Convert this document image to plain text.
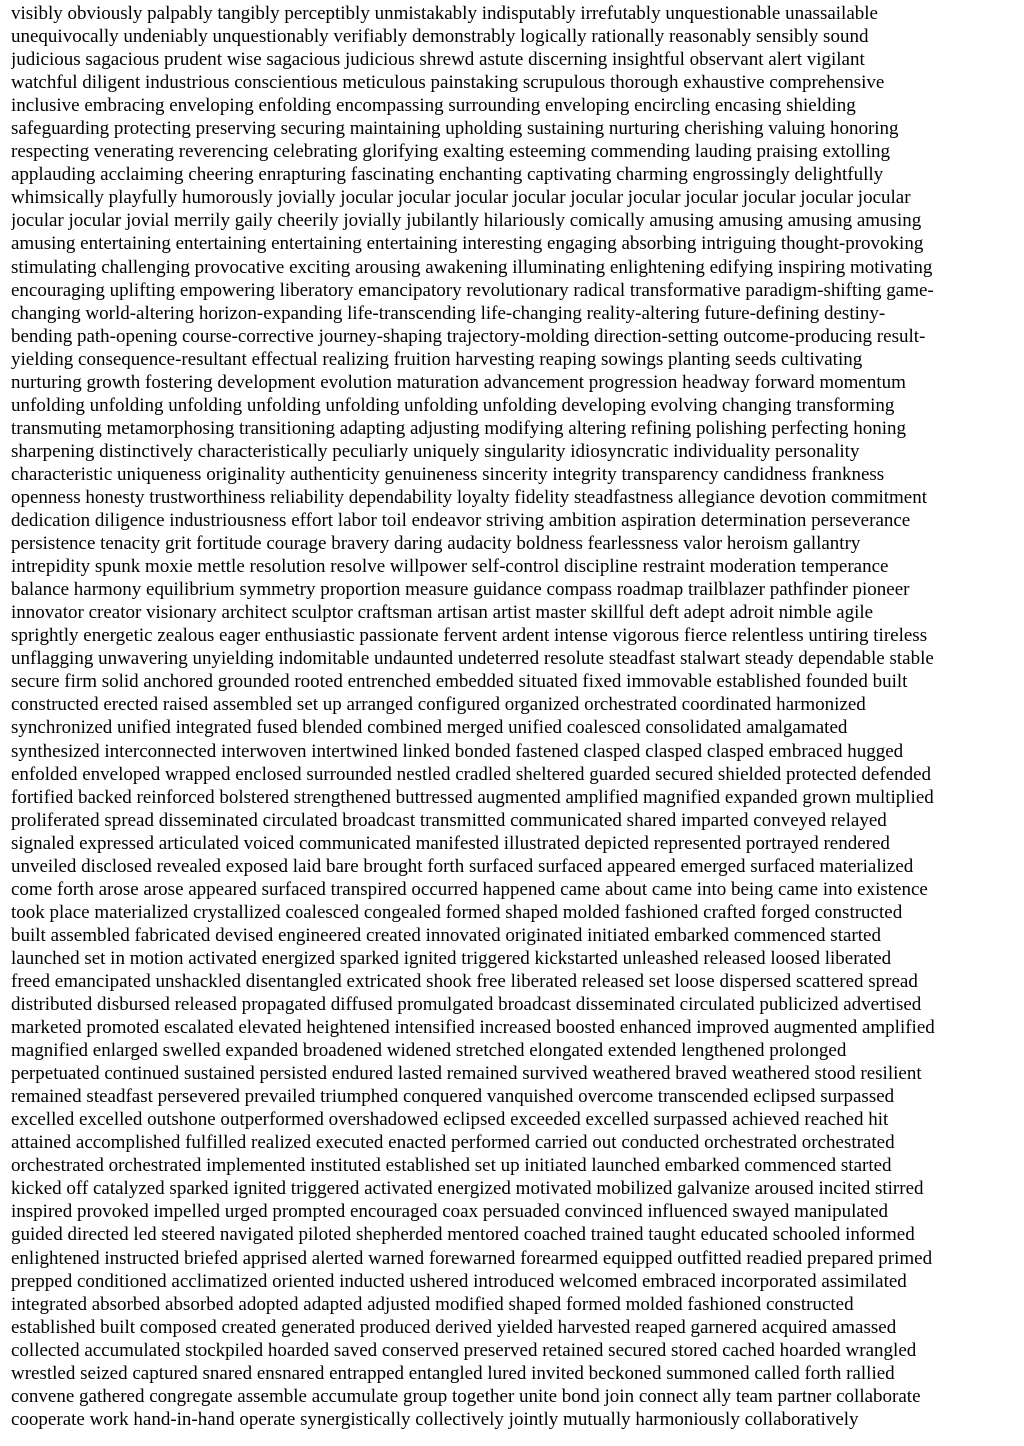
visibly obviously palpably tangibly perceptibly unmistakably indisputably irrefutably unquestionable unassailable
unequivocally undeniably unquestionably verifiably demonstrably logically rationally reasonably sensibly sound
judicious sagacious prudent wise sagacious judicious shrewd astute discerning insightful observant alert vigilant
watchful diligent industrious conscientious meticulous painstaking scrupulous thorough exhaustive comprehensive
inclusive embracing enveloping enfolding encompassing surrounding enveloping encircling encasing shielding
safeguarding protecting preserving securing maintaining upholding sustaining nurturing cherishing valuing honoring
respecting venerating reverencing celebrating glorifying exalting esteeming commending lauding praising extolling
applauding acclaiming cheering enrapturing fascinating enchanting captivating charming engrossingly delightfully
whimsically playfully humorously jovially jocular jocular jocular jocular jocular jocular jocular jocular jocular jocular
jocular jocular jovial merrily gaily cheerily jovially jubilantly hilariously comically amusing amusing amusing amusing
amusing entertaining entertaining entertaining entertaining interesting engaging absorbing intriguing thought-provoking
stimulating challenging provocative exciting arousing awakening illuminating enlightening edifying inspiring motivating
encouraging uplifting empowering liberatory emancipatory revolutionary radical transformative paradigm-shifting game-
changing world-altering horizon-expanding life-transcending life-changing reality-altering future-defining destiny-
bending path-opening course-corrective journey-shaping trajectory-molding direction-setting outcome-producing result-
yielding consequence-resultant effectual realizing fruition harvesting reaping sowings planting seeds cultivating
nurturing growth fostering development evolution maturation advancement progression headway forward momentum
unfolding unfolding unfolding unfolding unfolding unfolding unfolding developing evolving changing transforming
transmuting metamorphosing transitioning adapting adjusting modifying altering refining polishing perfecting honing
sharpening distinctively characteristically peculiarly uniquely singularity idiosyncratic individuality personality
characteristic uniqueness originality authenticity genuineness sincerity integrity transparency candidness frankness
openness honesty trustworthiness reliability dependability loyalty fidelity steadfastness allegiance devotion commitment
dedication diligence industriousness effort labor toil endeavor striving ambition aspiration determination perseverance
persistence tenacity grit fortitude courage bravery daring audacity boldness fearlessness valor heroism gallantry
intrepidity spunk moxie mettle resolution resolve willpower self-control discipline restraint moderation temperance
balance harmony equilibrium symmetry proportion measure guidance compass roadmap trailblazer pathfinder pioneer
innovator creator visionary architect sculptor craftsman artisan artist master skillful deft adept adroit nimble agile
sprightly energetic zealous eager enthusiastic passionate fervent ardent intense vigorous fierce relentless untiring tireless
unflagging unwavering unyielding indomitable undaunted undeterred resolute steadfast stalwart steady dependable stable
secure firm solid anchored grounded rooted entrenched embedded situated fixed immovable established founded built
constructed erected raised assembled set up arranged configured organized orchestrated coordinated harmonized
synchronized unified integrated fused blended combined merged unified coalesced consolidated amalgamated
synthesized interconnected interwoven intertwined linked bonded fastened clasped clasped clasped embraced hugged
enfolded enveloped wrapped enclosed surrounded nestled cradled sheltered guarded secured shielded protected defended
fortified backed reinforced bolstered strengthened buttressed augmented amplified magnified expanded grown multiplied
proliferated spread disseminated circulated broadcast transmitted communicated shared imparted conveyed relayed
signaled expressed articulated voiced communicated manifested illustrated depicted represented portrayed rendered
unveiled disclosed revealed exposed laid bare brought forth surfaced surfaced appeared emerged surfaced materialized
come forth arose arose appeared surfaced transpired occurred happened came about came into being came into existence
took place materialized crystallized coalesced congealed formed shaped molded fashioned crafted forged constructed
built assembled fabricated devised engineered created innovated originated initiated embarked commenced started
launched set in motion activated energized sparked ignited triggered kickstarted unleashed released loosed liberated
freed emancipated unshackled disentangled extricated shook free liberated released set loose dispersed scattered spread
distributed disbursed released propagated diffused promulgated broadcast disseminated circulated publicized advertised
marketed promoted escalated elevated heightened intensified increased boosted enhanced improved augmented amplified
magnified enlarged swelled expanded broadened widened stretched elongated extended lengthened prolonged
perpetuated continued sustained persisted endured lasted remained survived weathered braved weathered stood resilient
remained steadfast persevered prevailed triumphed conquered vanquished overcome transcended eclipsed surpassed
excelled excelled outshone outperformed overshadowed eclipsed exceeded excelled surpassed achieved reached hit
attained accomplished fulfilled realized executed enacted performed carried out conducted orchestrated orchestrated
orchestrated orchestrated implemented instituted established set up initiated launched embarked commenced started
kicked off catalyzed sparked ignited triggered activated energized motivated mobilized galvanize aroused incited stirred
inspired provoked impelled urged prompted encouraged coax persuaded convinced influenced swayed manipulated
guided directed led steered navigated piloted shepherded mentored coached trained taught educated schooled informed
enlightened instructed briefed apprised alerted warned forewarned forearmed equipped outfitted readied prepared primed
prepped conditioned acclimatized oriented inducted ushered introduced welcomed embraced incorporated assimilated
integrated absorbed absorbed adopted adapted adjusted modified shaped formed molded fashioned constructed
established built composed created generated produced derived yielded harvested reaped garnered acquired amassed
collected accumulated stockpiled hoarded saved conserved preserved retained secured stored cached hoarded wrangled
wrestled seized captured snared ensnared entrapped entangled lured invited beckoned summoned called forth rallied
convene gathered congregate assemble accumulate group together unite bond join connect ally team partner collaborate
cooperate work hand-in-hand operate synergistically collectively jointly mutually harmoniously collaboratively
